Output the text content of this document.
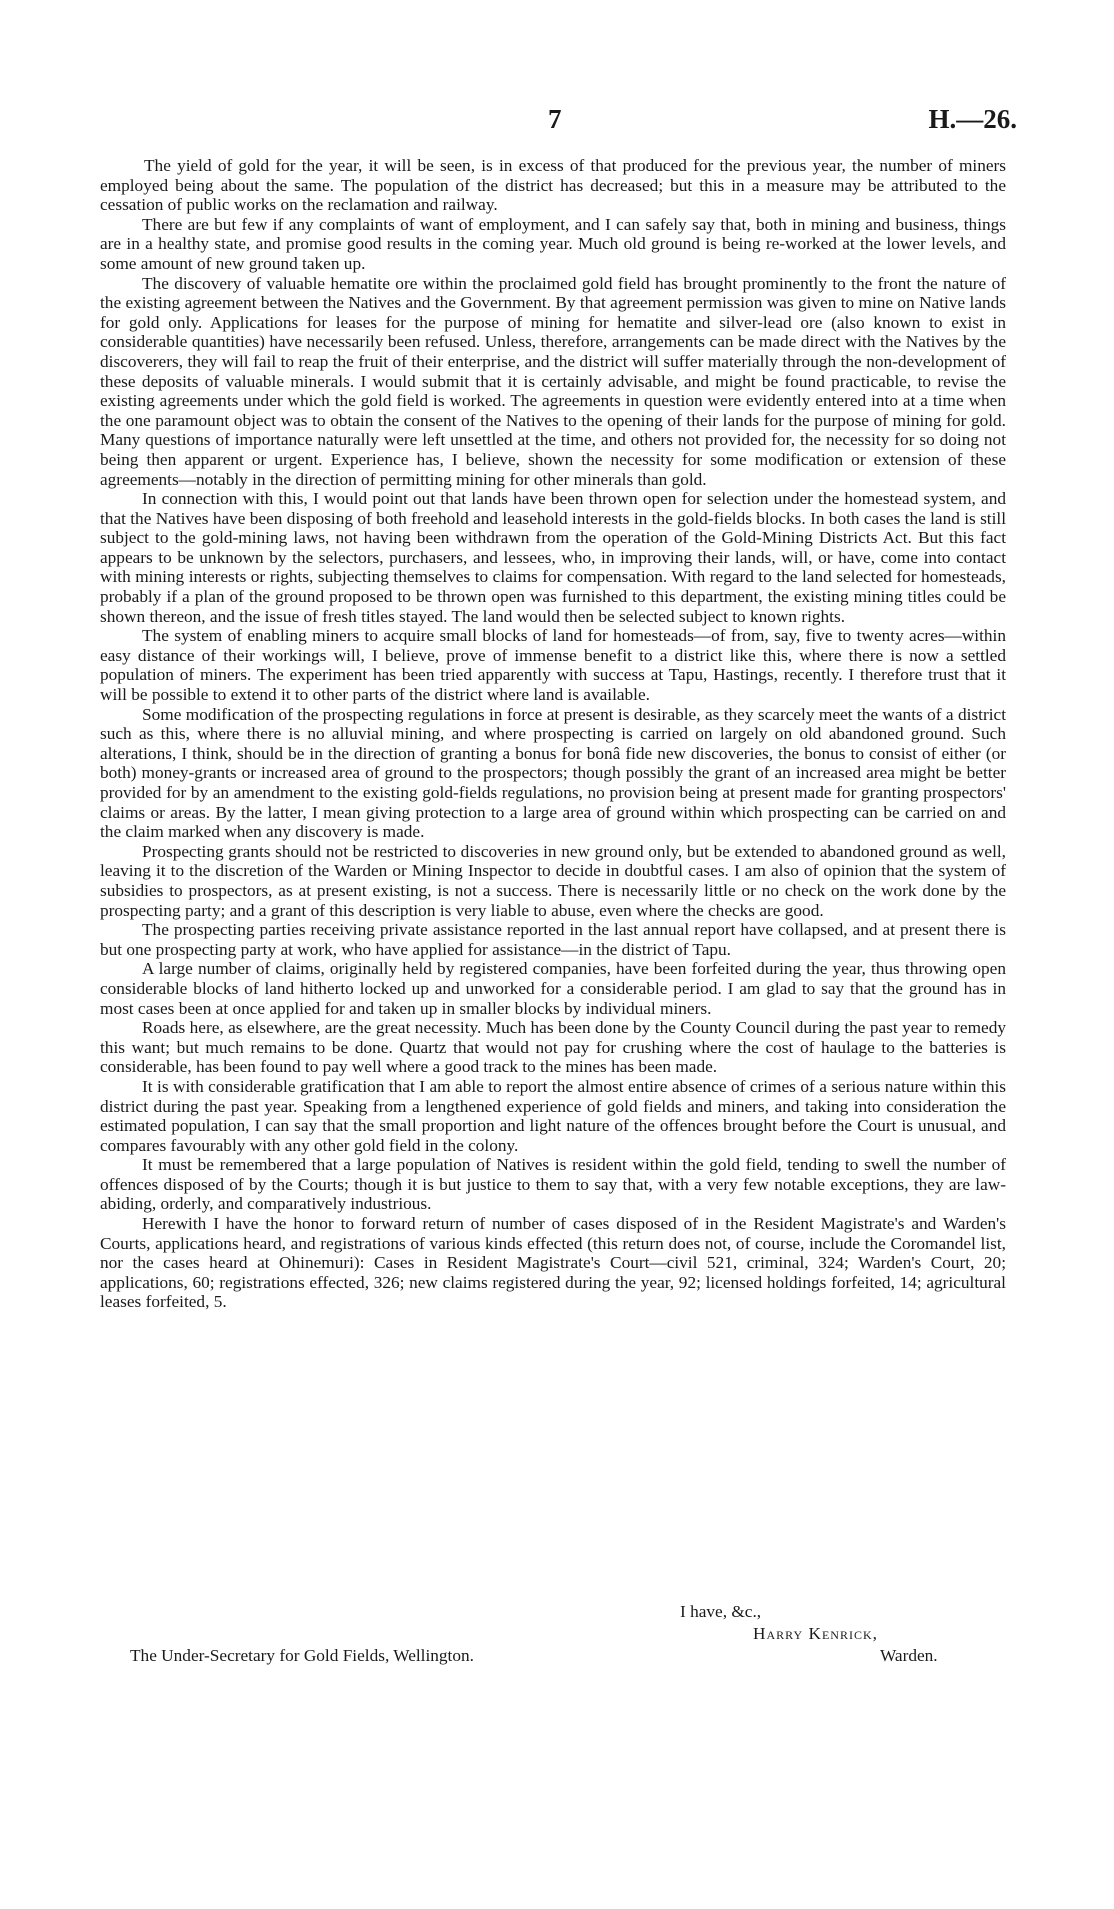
7	H.—26.

The yield of gold for the year, it will be seen, is in excess of that produced for the previous year, the number of miners employed being about the same. The population of the district has decreased; but this in a measure may be attributed to the cessation of public works on the reclamation and railway.

There are but few if any complaints of want of employment, and I can safely say that, both in mining and business, things are in a healthy state, and promise good results in the coming year. Much old ground is being re-worked at the lower levels, and some amount of new ground taken up.

The discovery of valuable hematite ore within the proclaimed gold field has brought prominently to the front the nature of the existing agreement between the Natives and the Government. By that agreement permission was given to mine on Native lands for gold only. Applications for leases for the purpose of mining for hematite and silver-lead ore (also known to exist in considerable quantities) have necessarily been refused. Unless, therefore, arrangements can be made direct with the Natives by the discoverers, they will fail to reap the fruit of their enterprise, and the district will suffer materially through the non-development of these deposits of valuable minerals. I would submit that it is certainly advisable, and might be found practicable, to revise the existing agreements under which the gold field is worked. The agreements in question were evidently entered into at a time when the one paramount object was to obtain the consent of the Natives to the opening of their lands for the purpose of mining for gold. Many questions of importance naturally were left unsettled at the time, and others not provided for, the necessity for so doing not being then apparent or urgent. Experience has, I believe, shown the necessity for some modification or extension of these agreements—notably in the direction of permitting mining for other minerals than gold.

In connection with this, I would point out that lands have been thrown open for selection under the homestead system, and that the Natives have been disposing of both freehold and leasehold interests in the gold-fields blocks. In both cases the land is still subject to the gold-mining laws, not having been withdrawn from the operation of the Gold-Mining Districts Act. But this fact appears to be unknown by the selectors, purchasers, and lessees, who, in improving their lands, will, or have, come into contact with mining interests or rights, subjecting themselves to claims for compensation. With regard to the land selected for homesteads, probably if a plan of the ground proposed to be thrown open was furnished to this department, the existing mining titles could be shown thereon, and the issue of fresh titles stayed. The land would then be selected subject to known rights.

The system of enabling miners to acquire small blocks of land for homesteads—of from, say, five to twenty acres—within easy distance of their workings will, I believe, prove of immense benefit to a district like this, where there is now a settled population of miners. The experiment has been tried apparently with success at Tapu, Hastings, recently. I therefore trust that it will be possible to extend it to other parts of the district where land is available.

Some modification of the prospecting regulations in force at present is desirable, as they scarcely meet the wants of a district such as this, where there is no alluvial mining, and where prospecting is carried on largely on old abandoned ground. Such alterations, I think, should be in the direction of granting a bonus for bonâ fide new discoveries, the bonus to consist of either (or both) money-grants or increased area of ground to the prospectors; though possibly the grant of an increased area might be better provided for by an amendment to the existing gold-fields regulations, no provision being at present made for granting prospectors' claims or areas. By the latter, I mean giving protection to a large area of ground within which prospecting can be carried on and the claim marked when any discovery is made.

Prospecting grants should not be restricted to discoveries in new ground only, but be extended to abandoned ground as well, leaving it to the discretion of the Warden or Mining Inspector to decide in doubtful cases. I am also of opinion that the system of subsidies to prospectors, as at present existing, is not a success. There is necessarily little or no check on the work done by the prospecting party; and a grant of this description is very liable to abuse, even where the checks are good.

The prospecting parties receiving private assistance reported in the last annual report have collapsed, and at present there is but one prospecting party at work, who have applied for assistance—in the district of Tapu.

A large number of claims, originally held by registered companies, have been forfeited during the year, thus throwing open considerable blocks of land hitherto locked up and unworked for a considerable period. I am glad to say that the ground has in most cases been at once applied for and taken up in smaller blocks by individual miners.

Roads here, as elsewhere, are the great necessity. Much has been done by the County Council during the past year to remedy this want; but much remains to be done. Quartz that would not pay for crushing where the cost of haulage to the batteries is considerable, has been found to pay well where a good track to the mines has been made.

It is with considerable gratification that I am able to report the almost entire absence of crimes of a serious nature within this district during the past year. Speaking from a lengthened experience of gold fields and miners, and taking into consideration the estimated population, I can say that the small proportion and light nature of the offences brought before the Court is unusual, and compares favourably with any other gold field in the colony.

It must be remembered that a large population of Natives is resident within the gold field, tending to swell the number of offences disposed of by the Courts; though it is but justice to them to say that, with a very few notable exceptions, they are law-abiding, orderly, and comparatively industrious.

Herewith I have the honor to forward return of number of cases disposed of in the Resident Magistrate's and Warden's Courts, applications heard, and registrations of various kinds effected (this return does not, of course, include the Coromandel list, nor the cases heard at Ohinemuri): Cases in Resident Magistrate's Court—civil 521, criminal, 324; Warden's Court, 20; applications, 60; registrations effected, 326; new claims registered during the year, 92; licensed holdings forfeited, 14; agricultural leases forfeited, 5.

I have, &c.,
Harry Kenrick,
The Under-Secretary for Gold Fields, Wellington.	Warden.
